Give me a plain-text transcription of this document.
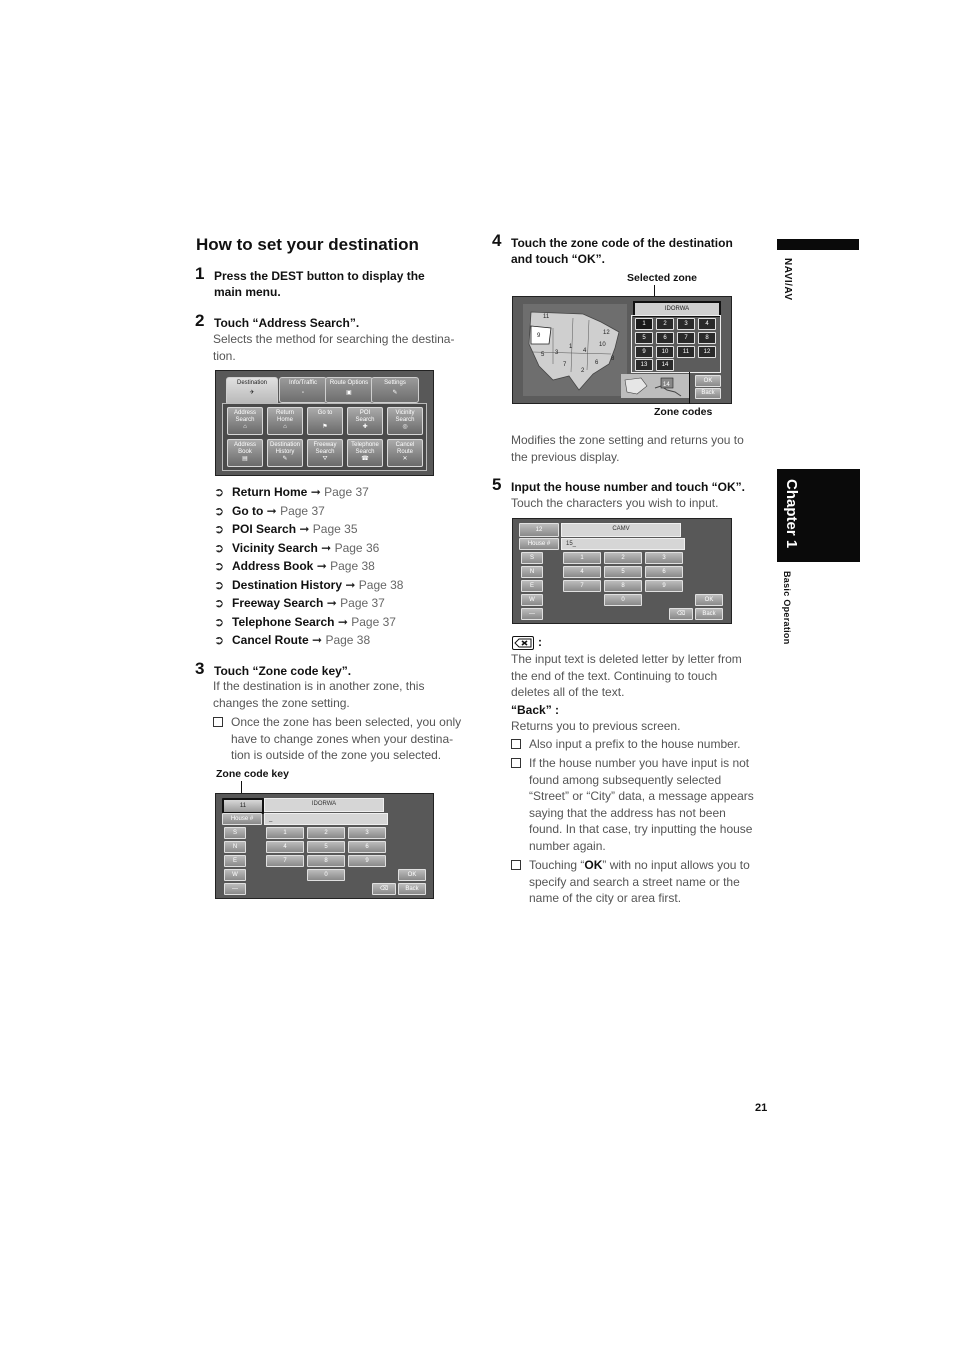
How to set your destination
1 Press the DEST button to display the
main menu.
2 Touch “Address Search”.
Selects the method for searching the destina-
tion.
Destination
✈
Info/Traffic
▫
Route Options
▣
Settings
✎
Address
Search
⌂
Return
Home
⌂
Go to

⚑
POI
Search
✚
Vicinity
Search
◎
Address
Book
▤
Destination
History
✎
Freeway
Search
⛛
Telephone
Search
☎
Cancel
Route
✕
➲ Return Home ➞ Page 37
➲ Go to ➞ Page 37
➲ POI Search ➞ Page 35
➲ Vicinity Search ➞ Page 36
➲ Address Book ➞ Page 38
➲ Destination History ➞ Page 38
➲ Freeway Search ➞ Page 37
➲ Telephone Search ➞ Page 37
➲ Cancel Route ➞ Page 38
3 Touch “Zone code key”.
If the destination is in another zone, this
changes the zone setting.
Once the zone has been selected, you only
have to change zones when your destina-
tion is outside of the zone you selected.
Zone code key
11	IDORWA
House #	_
S
N
E
W
—
1	2	3
4	5	6
7	8	9
0	OK
⌫	Back
4 Touch the zone code of the destination
and touch “OK”.
Selected zone
11
9	12
5 3
1
4
8
10
2
6
7
IDORWA
1	2	3	4
5	6	7	8
9	10	11	12
13	14
14
OK
Back
Zone codes
Modifies the zone setting and returns you to
the previous display.
5 Input the house number and touch “OK”.
Touch the characters you wish to input.
12	CAMV
House #	15_
S
N
E
W
—
1	2	3
4	5	6
7	8	9
0	OK
⌫	Back
:
The input text is deleted letter by letter from
the end of the text. Continuing to touch
deletes all of the text.
“Back” :
Returns you to previous screen.
Also input a prefix to the house number.
If the house number you have input is not
found among subsequently selected
“Street” or “City” data, a message appears
saying that the address has not been
found. In that case, try inputting the house
number again.
Touching “OK” with no input allows you to
specify and search a street name or the
name of the city or area first.
NAVI/AV
Chapter 1
Basic Operation
21
